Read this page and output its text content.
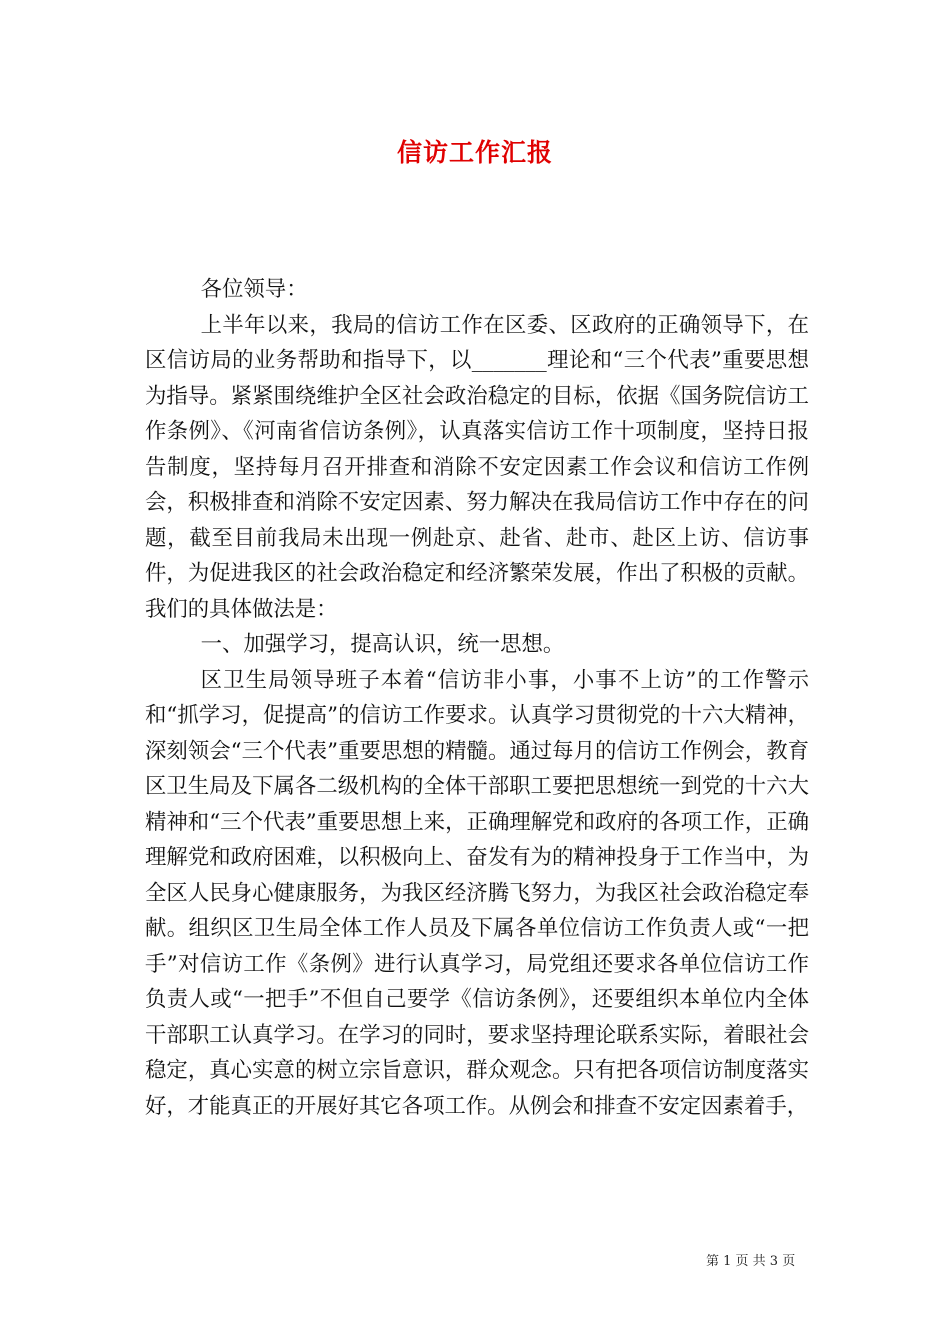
信访工作汇报

各位领导：

上半年以来，我局的信访工作在区委、区政府的正确领导下，在区信访局的业务帮助和指导下，以_______理论和“三个代表”重要思想为指导。紧紧围绕维护全区社会政治稳定的目标，依据《国务院信访工作条例》、《河南省信访条例》，认真落实信访工作十项制度，坚持日报告制度，坚持每月召开排查和消除不安定因素工作会议和信访工作例会，积极排查和消除不安定因素、努力解决在我局信访工作中存在的问题，截至目前我局未出现一例赴京、赴省、赴市、赴区上访、信访事件，为促进我区的社会政治稳定和经济繁荣发展，作出了积极的贡献。我们的具体做法是：

一、加强学习，提高认识，统一思想。

区卫生局领导班子本着“信访非小事，小事不上访”的工作警示和“抓学习，促提高”的信访工作要求。认真学习贯彻党的十六大精神，深刻领会“三个代表”重要思想的精髓。通过每月的信访工作例会，教育区卫生局及下属各二级机构的全体干部职工要把思想统一到党的十六大精神和“三个代表”重要思想上来，正确理解党和政府的各项工作，正确理解党和政府困难，以积极向上、奋发有为的精神投身于工作当中，为全区人民身心健康服务，为我区经济腾飞努力，为我区社会政治稳定奉献。组织区卫生局全体工作人员及下属各单位信访工作负责人或“一把手”对信访工作《条例》进行认真学习，局党组还要求各单位信访工作负责人或“一把手”不但自己要学《信访条例》，还要组织本单位内全体干部职工认真学习。在学习的同时，要求坚持理论联系实际，着眼社会稳定，真心实意的树立宗旨意识，群众观念。只有把各项信访制度落实好，才能真正的开展好其它各项工作。从例会和排查不安定因素着手，

第 1 页 共 3 页
